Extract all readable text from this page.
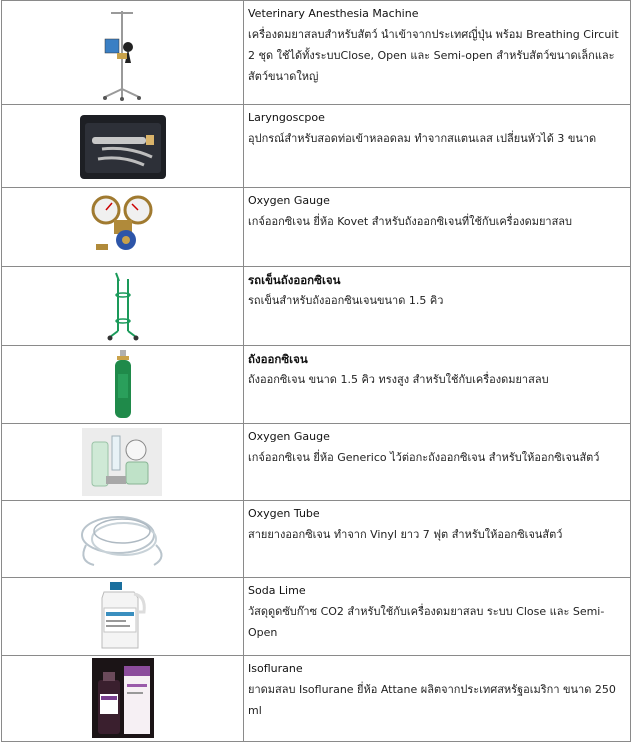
Veterinary Anesthesia Machine
เครื่องดมยาสลบสำหรับสัตว์ นำเข้าจากประเทศญี่ปุ่น พร้อม Breathing Circuit 2 ชุด ใช้ได้ทั้งระบบClose, Open และ Semi-open สำหรับสัตว์ขนาดเล็กและสัตว์ขนาดใหญ่

Laryngoscpoe
อุปกรณ์สำหรับสอดท่อเข้าหลอดลม ทำจากสแตนเลส เปลี่ยนหัวได้ 3 ขนาด

Oxygen Gauge
เกจ์ออกซิเจน ยี่ห้อ Kovet สำหรับถังออกซิเจนที่ใช้กับเครื่องดมยาสลบ

รถเข็นถังออกซิเจน
รถเข็นสำหรับถังออกซินเจนขนาด 1.5 คิว

ถังออกซิเจน
ถังออกซิเจน ขนาด 1.5 คิว ทรงสูง สำหรับใช้กับเครื่องดมยาสลบ

Oxygen Gauge
เกจ์ออกซิเจน ยี่ห้อ Generico ไว้ต่อกะถังออกซิเจน สำหรับให้ออกซิเจนสัตว์

Oxygen Tube
สายยางออกซิเจน ทำจาก Vinyl ยาว 7 ฟุต สำหรับให้ออกซิเจนสัตว์

Soda Lime
วัสดุดูดซับก๊าซ CO2 สำหรับใช้กับเครื่องดมยาสลบ ระบบ Close และ Semi-Open

Isoflurane
ยาดมสลบ Isoflurane ยี่ห้อ Attane ผลิตจากประเทศสหรัฐอเมริกา ขนาด 250 ml
